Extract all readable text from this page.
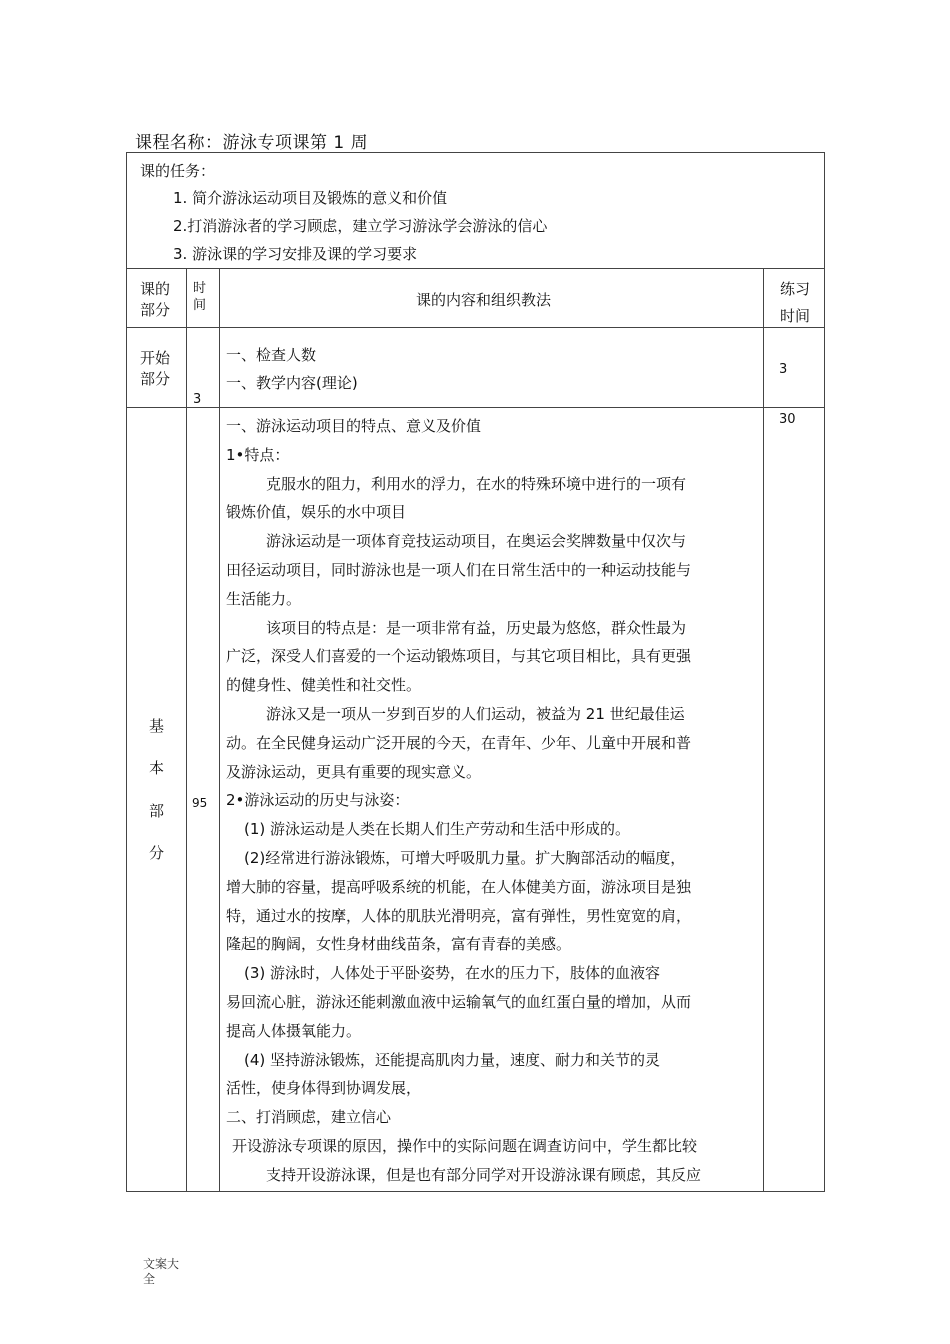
课程名称：游泳专项课第 1 周
课的任务：
1. 简介游泳运动项目及锻炼的意义和价值
2.打消游泳者的学习顾虑，建立学习游泳学会游泳的信心
3. 游泳课的学习安排及课的学习要求
课的
部分
时
间	课的内容和组织教法
练习
时间
开始
部分
3
一、检查人数
一、教学内容(理论)
3
基
本
部
分
95
30

一、游泳运动项目的特点、意义及价值

1•特点：

克服水的阻力，利用水的浮力，在水的特殊环境中进行的一项有

锻炼价值，娱乐的水中项目

游泳运动是一项体育竞技运动项目，在奥运会奖牌数量中仅次与

田径运动项目，同时游泳也是一项人们在日常生活中的一种运动技能与

生活能力。

该项目的特点是：是一项非常有益，历史最为悠悠，群众性最为

广泛，深受人们喜爱的一个运动锻炼项目，与其它项目相比，具有更强

的健身性、健美性和社交性。

游泳又是一项从一岁到百岁的人们运动，被益为 21 世纪最佳运

动。在全民健身运动广泛开展的今天，在青年、少年、儿童中开展和普

及游泳运动，更具有重要的现实意义。

2•游泳运动的历史与泳姿：

(1) 游泳运动是人类在长期人们生产劳动和生活中形成的。

(2)经常进行游泳锻炼，可增大呼吸肌力量。扩大胸部活动的幅度，

增大肺的容量，提高呼吸系统的机能，在人体健美方面，游泳项目是独

特，通过水的按摩，人体的肌肤光滑明亮，富有弹性，男性宽宽的肩，

隆起的胸阔，女性身材曲线苗条，富有青春的美感。

(3) 游泳时，人体处于平卧姿势，在水的压力下，肢体的血液容

易回流心脏，游泳还能刺激血液中运输氧气的血红蛋白量的增加，从而

提高人体摄氧能力。

(4) 坚持游泳锻炼，还能提高肌肉力量，速度、耐力和关节的灵

活性，使身体得到协调发展，

二、打消顾虑，建立信心

开设游泳专项课的原因，操作中的实际问题在调查访问中，学生都比较

支持开设游泳课，但是也有部分同学对开设游泳课有顾虑，其反应

文案大
全
